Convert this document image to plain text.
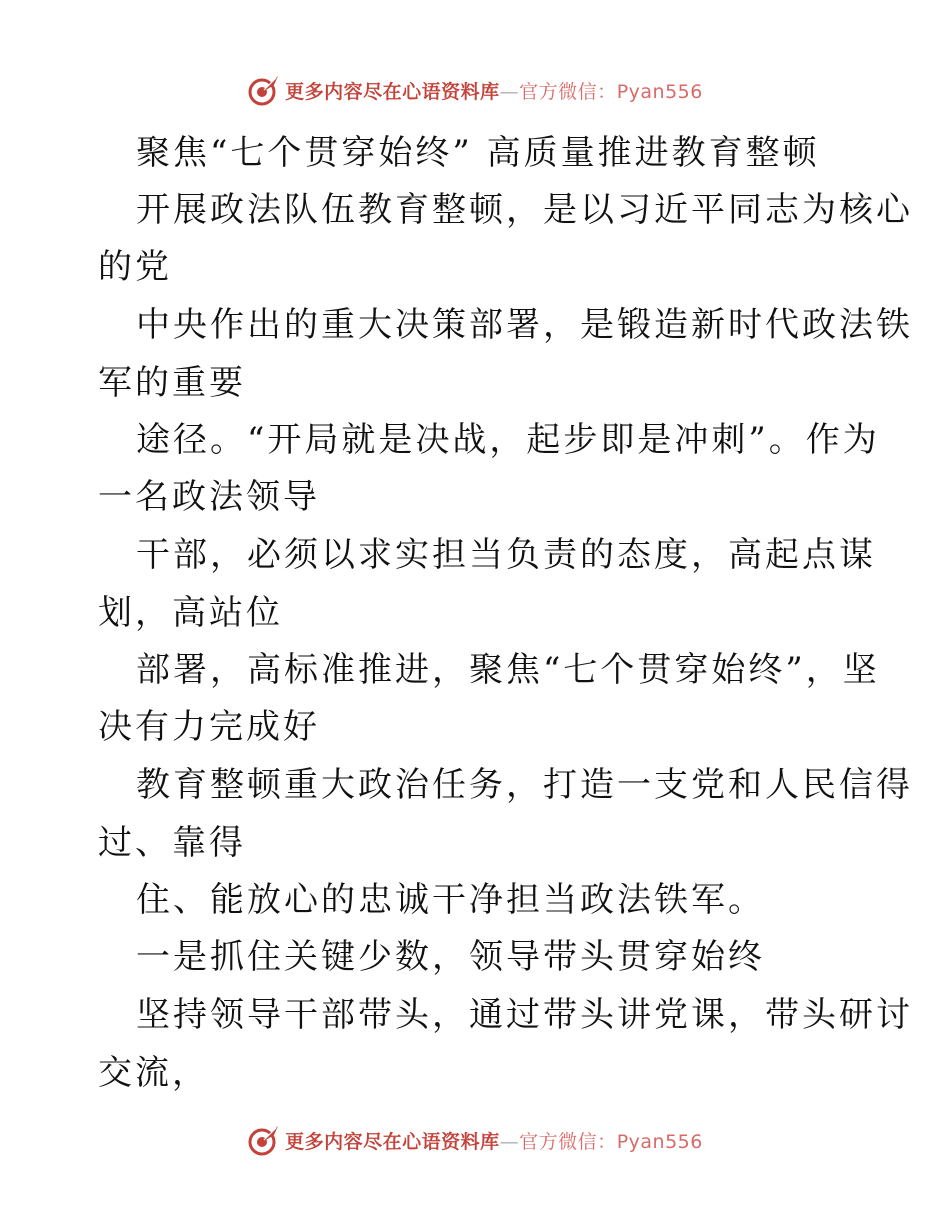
更多内容尽在心语资料库—官方微信：Pyan556
聚焦“七个贯穿始终” 高质量推进教育整顿
开展政法队伍教育整顿，是以习近平同志为核心
的党
中央作出的重大决策部署，是锻造新时代政法铁
军的重要
途径。“开局就是决战，起步即是冲刺”。作为
一名政法领导
干部，必须以求实担当负责的态度，高起点谋
划，高站位
部署，高标准推进，聚焦“七个贯穿始终”，坚
决有力完成好
教育整顿重大政治任务，打造一支党和人民信得
过、靠得
住、能放心的忠诚干净担当政法铁军。
一是抓住关键少数，领导带头贯穿始终
坚持领导干部带头，通过带头讲党课，带头研讨
交流，
更多内容尽在心语资料库—官方微信：Pyan556
